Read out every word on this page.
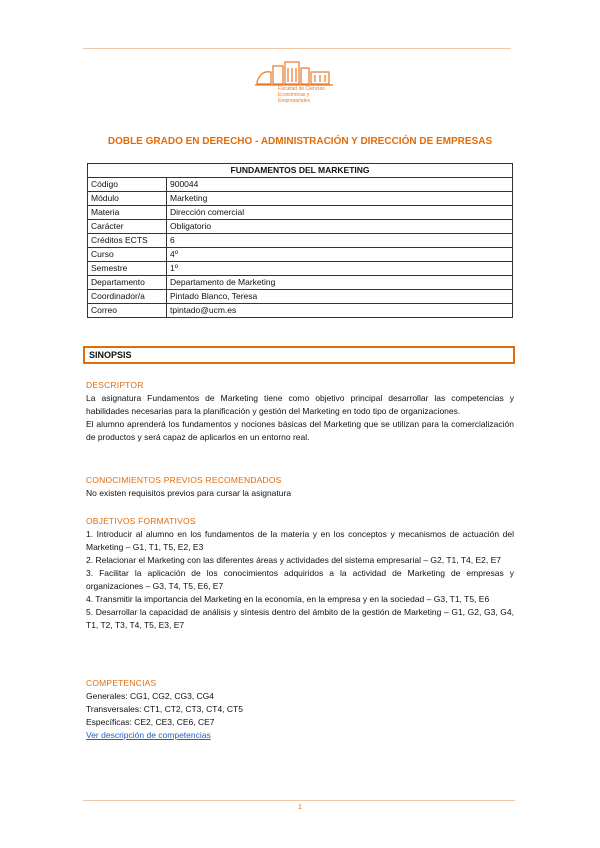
Facultad de Ciencias Económicas y Empresariales
DOBLE GRADO EN DERECHO - ADMINISTRACIÓN Y DIRECCIÓN DE EMPRESAS
FUNDAMENTOS DEL MARKETING	
Código	900044
Módulo	Marketing
Materia	Dirección comercial
Carácter	Obligatorio
Créditos ECTS	6
Curso	4º
Semestre	1º
Departamento	Departamento de Marketing
Coordinador/a	Pintado Blanco, Teresa
Correo	tpintado@ucm.es
SINOPSIS
DESCRIPTOR
La asignatura Fundamentos de Marketing tiene como objetivo principal desarrollar las competencias y habilidades necesarias para la planificación y gestión del Marketing en todo tipo de organizaciones.
El alumno aprenderá los fundamentos y nociones básicas del Marketing que se utilizan para la comercialización de productos y será capaz de aplicarlos en un entorno real.
CONOCIMIENTOS PREVIOS RECOMENDADOS
No existen requisitos previos para cursar la asignatura
OBJETIVOS FORMATIVOS
1. Introducir al alumno en los fundamentos de la materia y en los conceptos y mecanismos de actuación del Marketing – G1, T1, T5, E2, E3
2. Relacionar el Marketing con las diferentes áreas y actividades del sistema empresarial – G2, T1, T4, E2, E7
3. Facilitar la aplicación de los conocimientos adquiridos a la actividad de Marketing de empresas y organizaciones – G3, T4, T5, E6, E7
4. Transmitir la importancia del Marketing en la economía, en la empresa y en la sociedad – G3, T1, T5, E6
5. Desarrollar la capacidad de análisis y síntesis dentro del ámbito de la gestión de Marketing – G1, G2, G3, G4, T1, T2, T3, T4, T5, E3, E7
COMPETENCIAS
Generales: CG1, CG2, CG3, CG4
Transversales: CT1, CT2, CT3, CT4, CT5
Específicas: CE2, CE3, CE6, CE7
Ver descripción de competencias
1
